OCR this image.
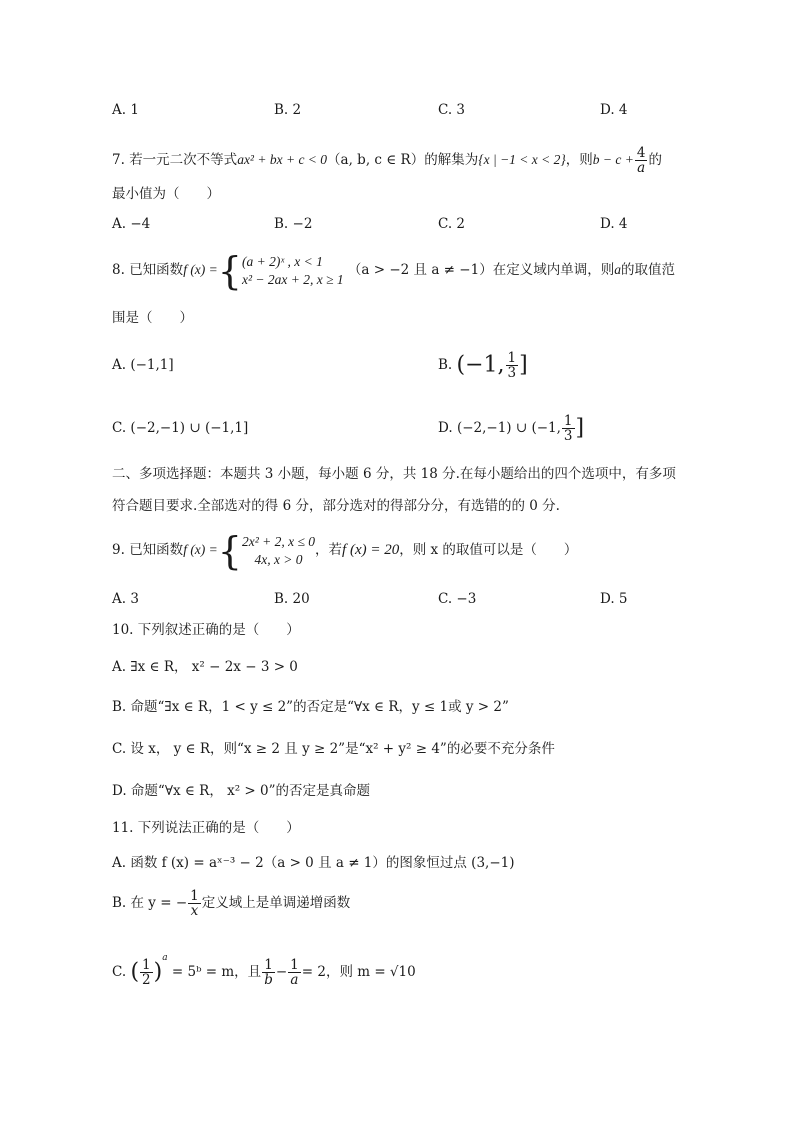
A. 1	B. 2	C. 3	D. 4
7. 若一元二次不等式ax² + bx + c < 0（a, b, c ∈ R）的解集为{x | −1 < x < 2}，则$b - c + \frac{4}{a}$ 的
最小值为（　　）
A. −4	B. −2	C. 2	D. 4
8. 已知函数f (x) ={ (a + 2)ˣ , x < 1
x² − 2ax + 2, x ≥ 1
（a > −2 且 a ≠ −1）在定义域内单调，则a的取值范
围是（　　）
A. (−1,1]	B. (−1, $\frac{1}{3}$ ]
C. (−2,−1) ∪ (−1,1]	D. (−2,−1) ∪ (−1, $\frac{1}{3}$ ]
二、多项选择题：本题共 3 小题，每小题 6 分，共 18 分.在每小题给出的四个选项中，有多项
符合题目要求.全部选对的得 6 分，部分选对的得部分分，有选错的的 0 分.
9. 已知函数f (x) ={ 2x² + 2, x ≤ 0
4x, x > 0
，若f (x) = 20，则 x 的取值可以是（　　）
A. 3	B. 20	C. −3	D. 5
10. 下列叙述正确的是（　　）
A. ∃x ∈ R， x² − 2x − 3 > 0
B. 命题“∃x ∈ R，1 < y ≤ 2”的否定是“∀x ∈ R，y ≤ 1或 y > 2”
C. 设 x， y ∈ R，则“x ≥ 2 且 y ≥ 2”是“x² + y² ≥ 4”的必要不充分条件
D. 命题“∀x ∈ R， x² > 0”的否定是真命题
11. 下列说法正确的是（　　）
A. 函数 f (x) = aˣ⁻³ − 2（a > 0 且 a ≠ 1）的图象恒过点 (3,−1)
B. 在 y = − $\frac{1}{x}$ 定义域上是单调递增函数
C. ( $\frac{1}{2} )^a$ = 5ᵇ = m，且 $\frac{1}{b} - \frac{1}{a} = 2$，则 m = √10
